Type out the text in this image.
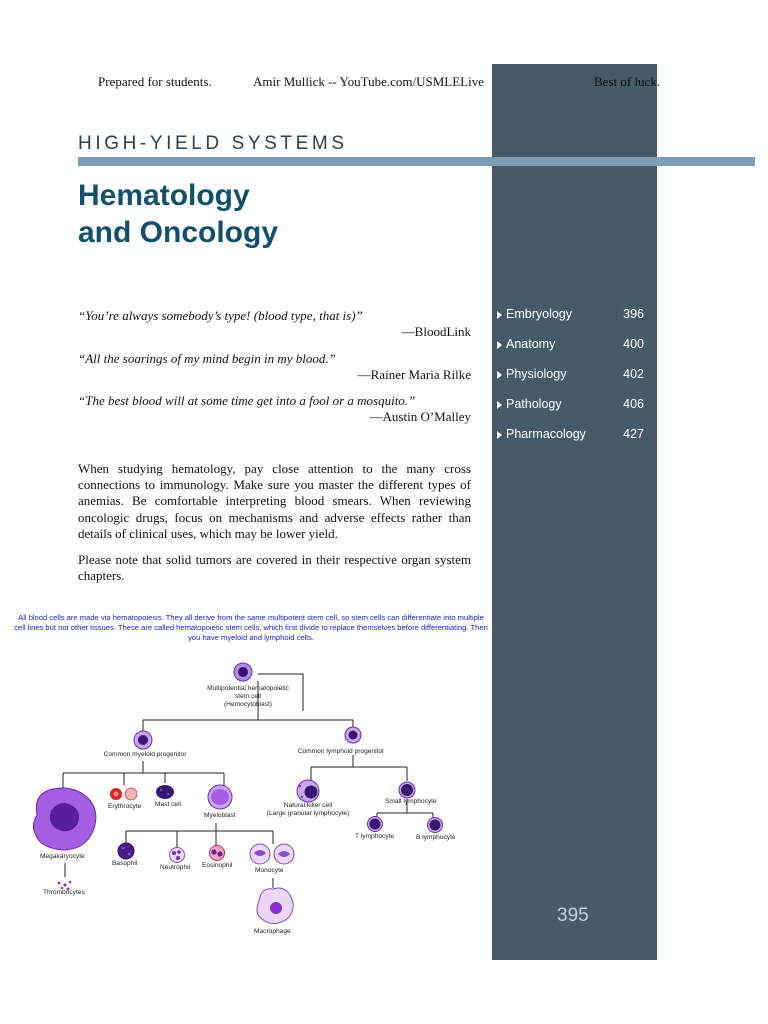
Prepared for students.	Amir Mullick -- YouTube.com/USMLELive	Best of luck.
HIGH-YIELD SYSTEMS
Hematology
and Oncology
“You’re always somebody’s type! (blood type, that is)”
—BloodLink
“All the soarings of my mind begin in my blood.”
—Rainer Maria Rilke
“The best blood will at some time get into a fool or a mosquito.”
—Austin O’Malley
When studying hematology, pay close attention to the many cross connections to immunology. Make sure you master the different types of anemias. Be comfortable interpreting blood smears. When reviewing oncologic drugs, focus on mechanisms and adverse effects rather than details of clinical uses, which may be lower yield.
Please note that solid tumors are covered in their respective organ system chapters.
Embryology	396
Anatomy	400
Physiology	402
Pathology	406
Pharmacology	427
395
All blood cells are made via hematopoiesis. They all derive from the same multipotent stem cell, so stem cells can differentiate into multiple cell lines but not other tissues. These are called hematopoietic stem cells, which first divide to replace themselves before differentiating. Then you have myeloid and lymphoid cells.
Multipotential hematopoietic
stem cell
(Hemocytoblast)
Common myeloid progenitor	Common lymphoid progenitor
Megakaryocyte
Thrombocytes
Erythrocyte Mast cell
Myeloblast
Natural killer cell
(Large granular lymphocyte)
Small lymphocyte
T lymphocyte	B lymphocyte
Basophil
Neutrophil Eosinophil
Monocyte
Macrophage
